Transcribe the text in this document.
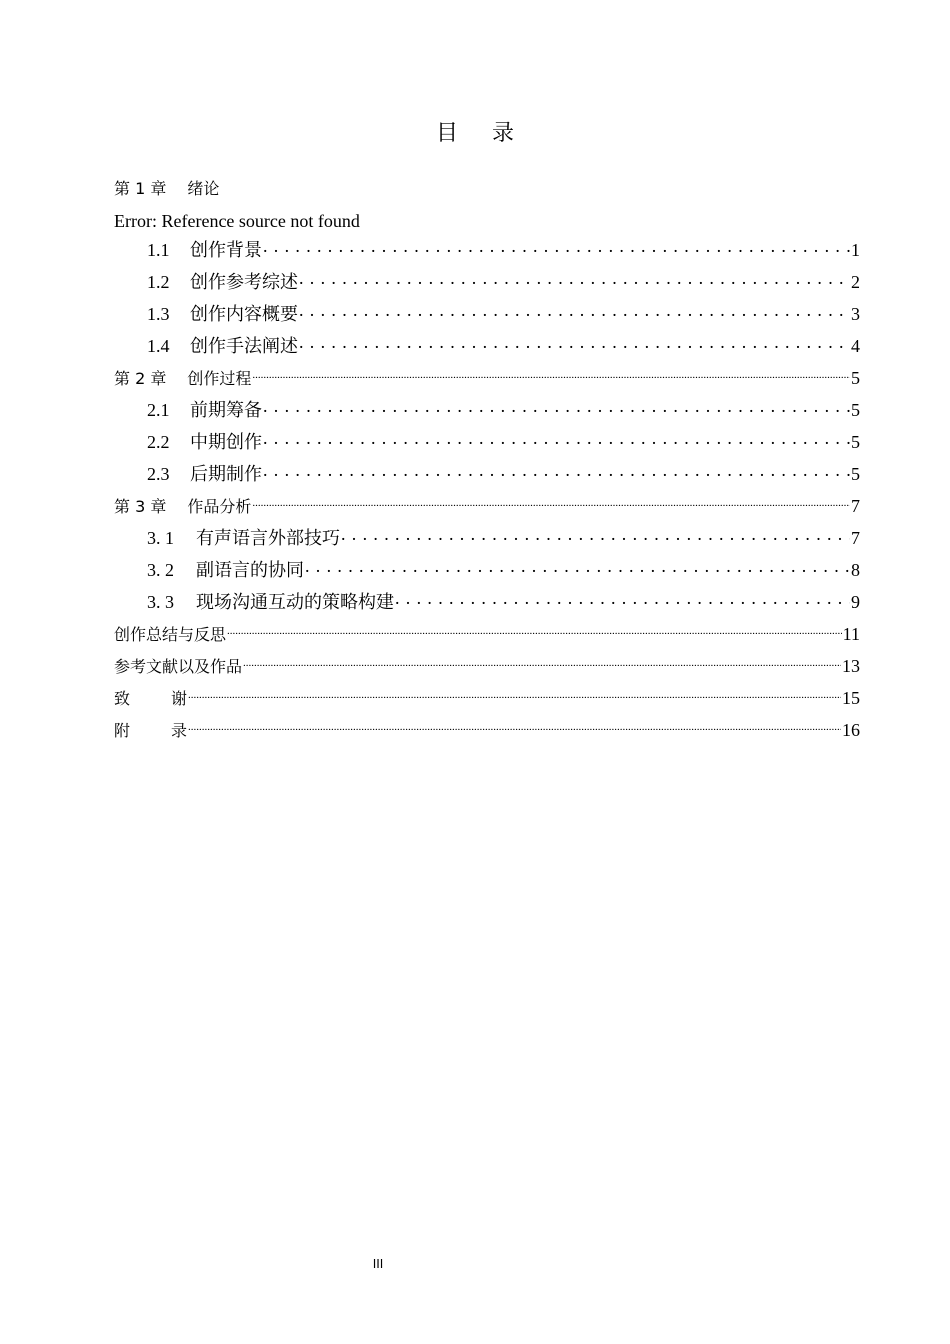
目 录
第 1 章 绪论
Error: Reference source not found
1.1 创作背景 . . .	1
1.2 创作参考综述 . . .	2
1.3 创作内容概要 . . .	3
1.4 创作手法阐述 . . .	4
第 2 章 创作过程 .....	5
2.1 前期筹备 . . .	5
2.2 中期创作 . . .	5
2.3 后期制作 . . .	5
第 3 章 作品分析 .....	7
3. 1 有声语言外部技巧 . . .	7
3. 2 副语言的协同 . . .	8
3. 3 现场沟通互动的策略构建 . . .	9
创作总结与反思 .....	11
参考文献以及作品 .....	13
致	谢 .....	15
附	录 .....	16
III
